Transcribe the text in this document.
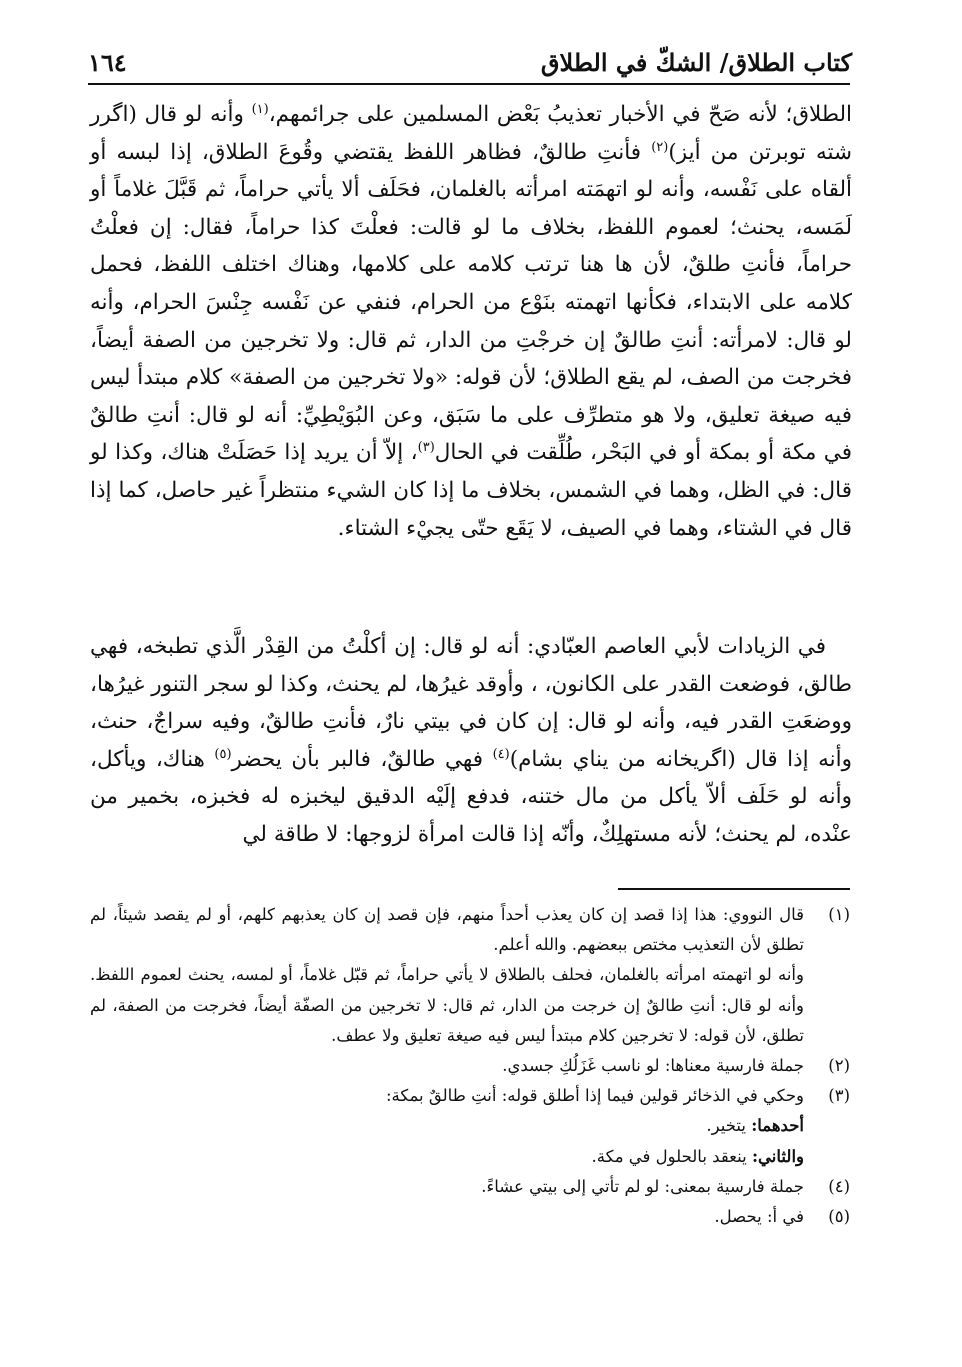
كتاب الطلاق/ الشكّ في الطلاق
١٦٤

الطلاق؛ لأنه صَحّ في الأخبار تعذيبُ بَعْض المسلمين على جرائمهم،$^{(١)}$ وأنه لو قال (اگرر شته توبرتن من أيز)$^{(٢)}$ فأنتِ طالقٌ، فظاهر اللفظ يقتضي وقُوعَ الطلاق، إذا لبسه أو ألقاه على نَفْسه، وأنه لو اتهمَته امرأته بالغلمان، فحَلَف ألا يأتي حراماً، ثم قَبَّلَ غلاماً أو لَمَسه، يحنث؛ لعموم اللفظ، بخلاف ما لو قالت: فعلْتَ كذا حراماً، فقال: إن فعلْتُ حراماً، فأنتِ طلقٌ، لأن ها هنا ترتب كلامه على كلامها، وهناك اختلف اللفظ، فحمل كلامه على الابتداء، فكأنها اتهمته بنَوْع من الحرام، فنفي عن نَفْسه جِنْسَ الحرام، وأنه لو قال: لامرأته: أنتِ طالقٌ إن خرجْتِ من الدار، ثم قال: ولا تخرجين من الصفة أيضاً، فخرجت من الصف، لم يقع الطلاق؛ لأن قوله: «ولا تخرجين من الصفة» كلام مبتدأ ليس فيه صيغة تعليق، ولا هو متطرِّف على ما سَبَق، وعن البُوَيْطِيِّ: أنه لو قال: أنتِ طالقٌ في مكة أو بمكة أو في البَحْر، طُلِّقت في الحال$^{(٣)}$، إلاّ أن يريد إذا حَصَلَتْ هناك، وكذا لو قال: في الظل، وهما في الشمس، بخلاف ما إذا كان الشيء منتظراً غير حاصل، كما إذا قال في الشتاء، وهما في الصيف، لا يَقَع حتّى يجيْء الشتاء.

في الزيادات لأبي العاصم العبّادي: أنه لو قال: إن أكلْتُ من القِدْر الَّذي تطبخه، فهي طالق، فوضعت القدر على الكانون، ، وأوقد غيرُها، لم يحنث، وكذا لو سجر التنور غيرُها، ووضعَتِ القدر فيه، وأنه لو قال: إن كان في بيتي نارٌ، فأنتِ طالقٌ، وفيه سراجٌ، حنث، وأنه إذا قال (اگريخانه من يناي بشام)$^{(٤)}$ فهي طالقٌ، فالبر بأن يحضر$^{(٥)}$ هناك، ويأكل، وأنه لو حَلَف ألاّ يأكل من مال ختنه، فدفع إلَيْه الدقيق ليخبزه له فخبزه، بخمير من عنْده، لم يحنث؛ لأنه مستهلِكٌ، وأنّه إذا قالت امرأة لزوجها: لا طاقة لي

(١)
قال النووي: هذا إذا قصد إن كان يعذب أحداً منهم، فإن قصد إن كان يعذبهم كلهم، أو لم يقصد شيئاً، لم تطلق لأن التعذيب مختص ببعضهم. والله أعلم.
وأنه لو اتهمته امرأته بالغلمان، فحلف بالطلاق لا يأتي حراماً، ثم قبّل غلاماً، أو لمسه، يحنث لعموم اللفظ. وأنه لو قال: أنتِ طالقٌ إن خرجت من الدار، ثم قال: لا تخرجين من الصفّة أيضاً، فخرجت من الصفة، لم تطلق، لأن قوله: لا تخرجين كلام مبتدأ ليس فيه صيغة تعليق ولا عطف.
(٢)
جملة فارسية معناها: لو ناسب غَزَلُكِ جسدي.
(٣)
وحكي في الذخائر قولين فيما إذا أطلق قوله: أنتِ طالقٌ بمكة:
أحدهما: يتخير.
والثاني: ينعقد بالحلول في مكة.
(٤)
جملة فارسية بمعنى: لو لم تأتي إلى بيتي عشاءً.
(٥)
في أ: يحصل.
